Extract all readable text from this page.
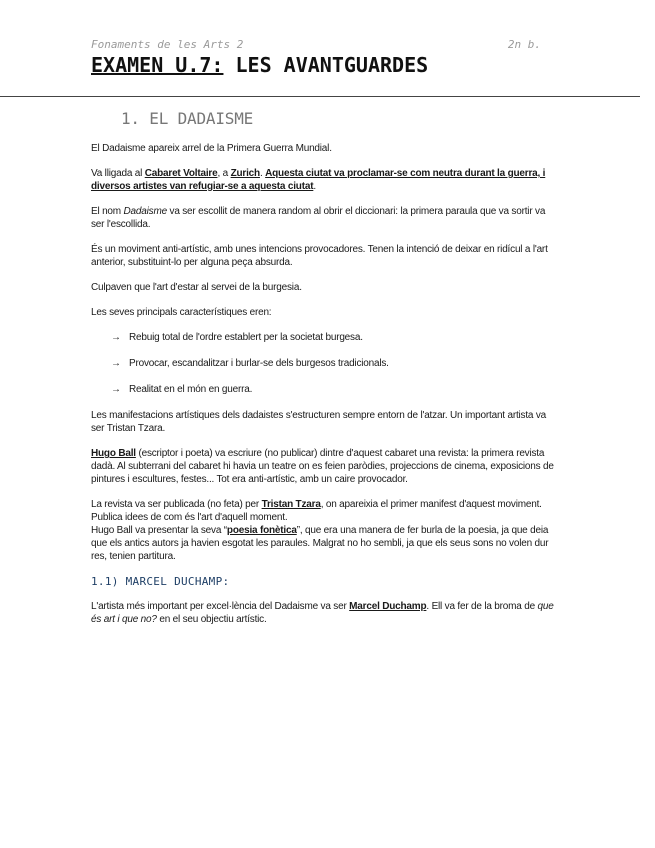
Fonaments de les Arts 2	2n b.
EXAMEN U.7: LES AVANTGUARDES
1. EL DADAISME

El Dadaisme apareix arrel de la Primera Guerra Mundial.

Va lligada al Cabaret Voltaire, a Zurich. Aquesta ciutat va proclamar-se com neutra durant la guerra, i diversos artistes van refugiar-se a aquesta ciutat.

El nom Dadaisme va ser escollit de manera random al obrir el diccionari: la primera paraula que va sortir va ser l'escollida.

És un moviment anti-artístic, amb unes intencions provocadores. Tenen la intenció de deixar en ridícul a l'art anterior, substituint-lo per alguna peça absurda.

Culpaven que l'art d'estar al servei de la burgesia.

Les seves principals característiques eren:

→ Rebuig total de l'ordre establert per la societat burgesa.
→ Provocar, escandalitzar i burlar-se dels burgesos tradicionals.
→ Realitat en el món en guerra.

Les manifestacions artístiques dels dadaistes s'estructuren sempre entorn de l'atzar. Un important artista va ser Tristan Tzara.

Hugo Ball (escriptor i poeta) va escriure (no publicar) dintre d'aquest cabaret una revista: la primera revista dadà. Al subterrani del cabaret hi havia un teatre on es feien paròdies, projeccions de cinema, exposicions de pintures i escultures, festes... Tot era anti-artístic, amb un caire provocador.

La revista va ser publicada (no feta) per Tristan Tzara, on apareixia el primer manifest d'aquest moviment. Publica idees de com és l'art d'aquell moment.

Hugo Ball va presentar la seva “poesia fonètica”, que era una manera de fer burla de la poesia, ja que deia que els antics autors ja havien esgotat les paraules. Malgrat no ho sembli, ja que els seus sons no volen dur res, tenien partitura.

1.1) MARCEL DUCHAMP:

L'artista més important per excel·lència del Dadaisme va ser Marcel Duchamp. Ell va fer de la broma de que és art i que no? en el seu objectiu artístic.
